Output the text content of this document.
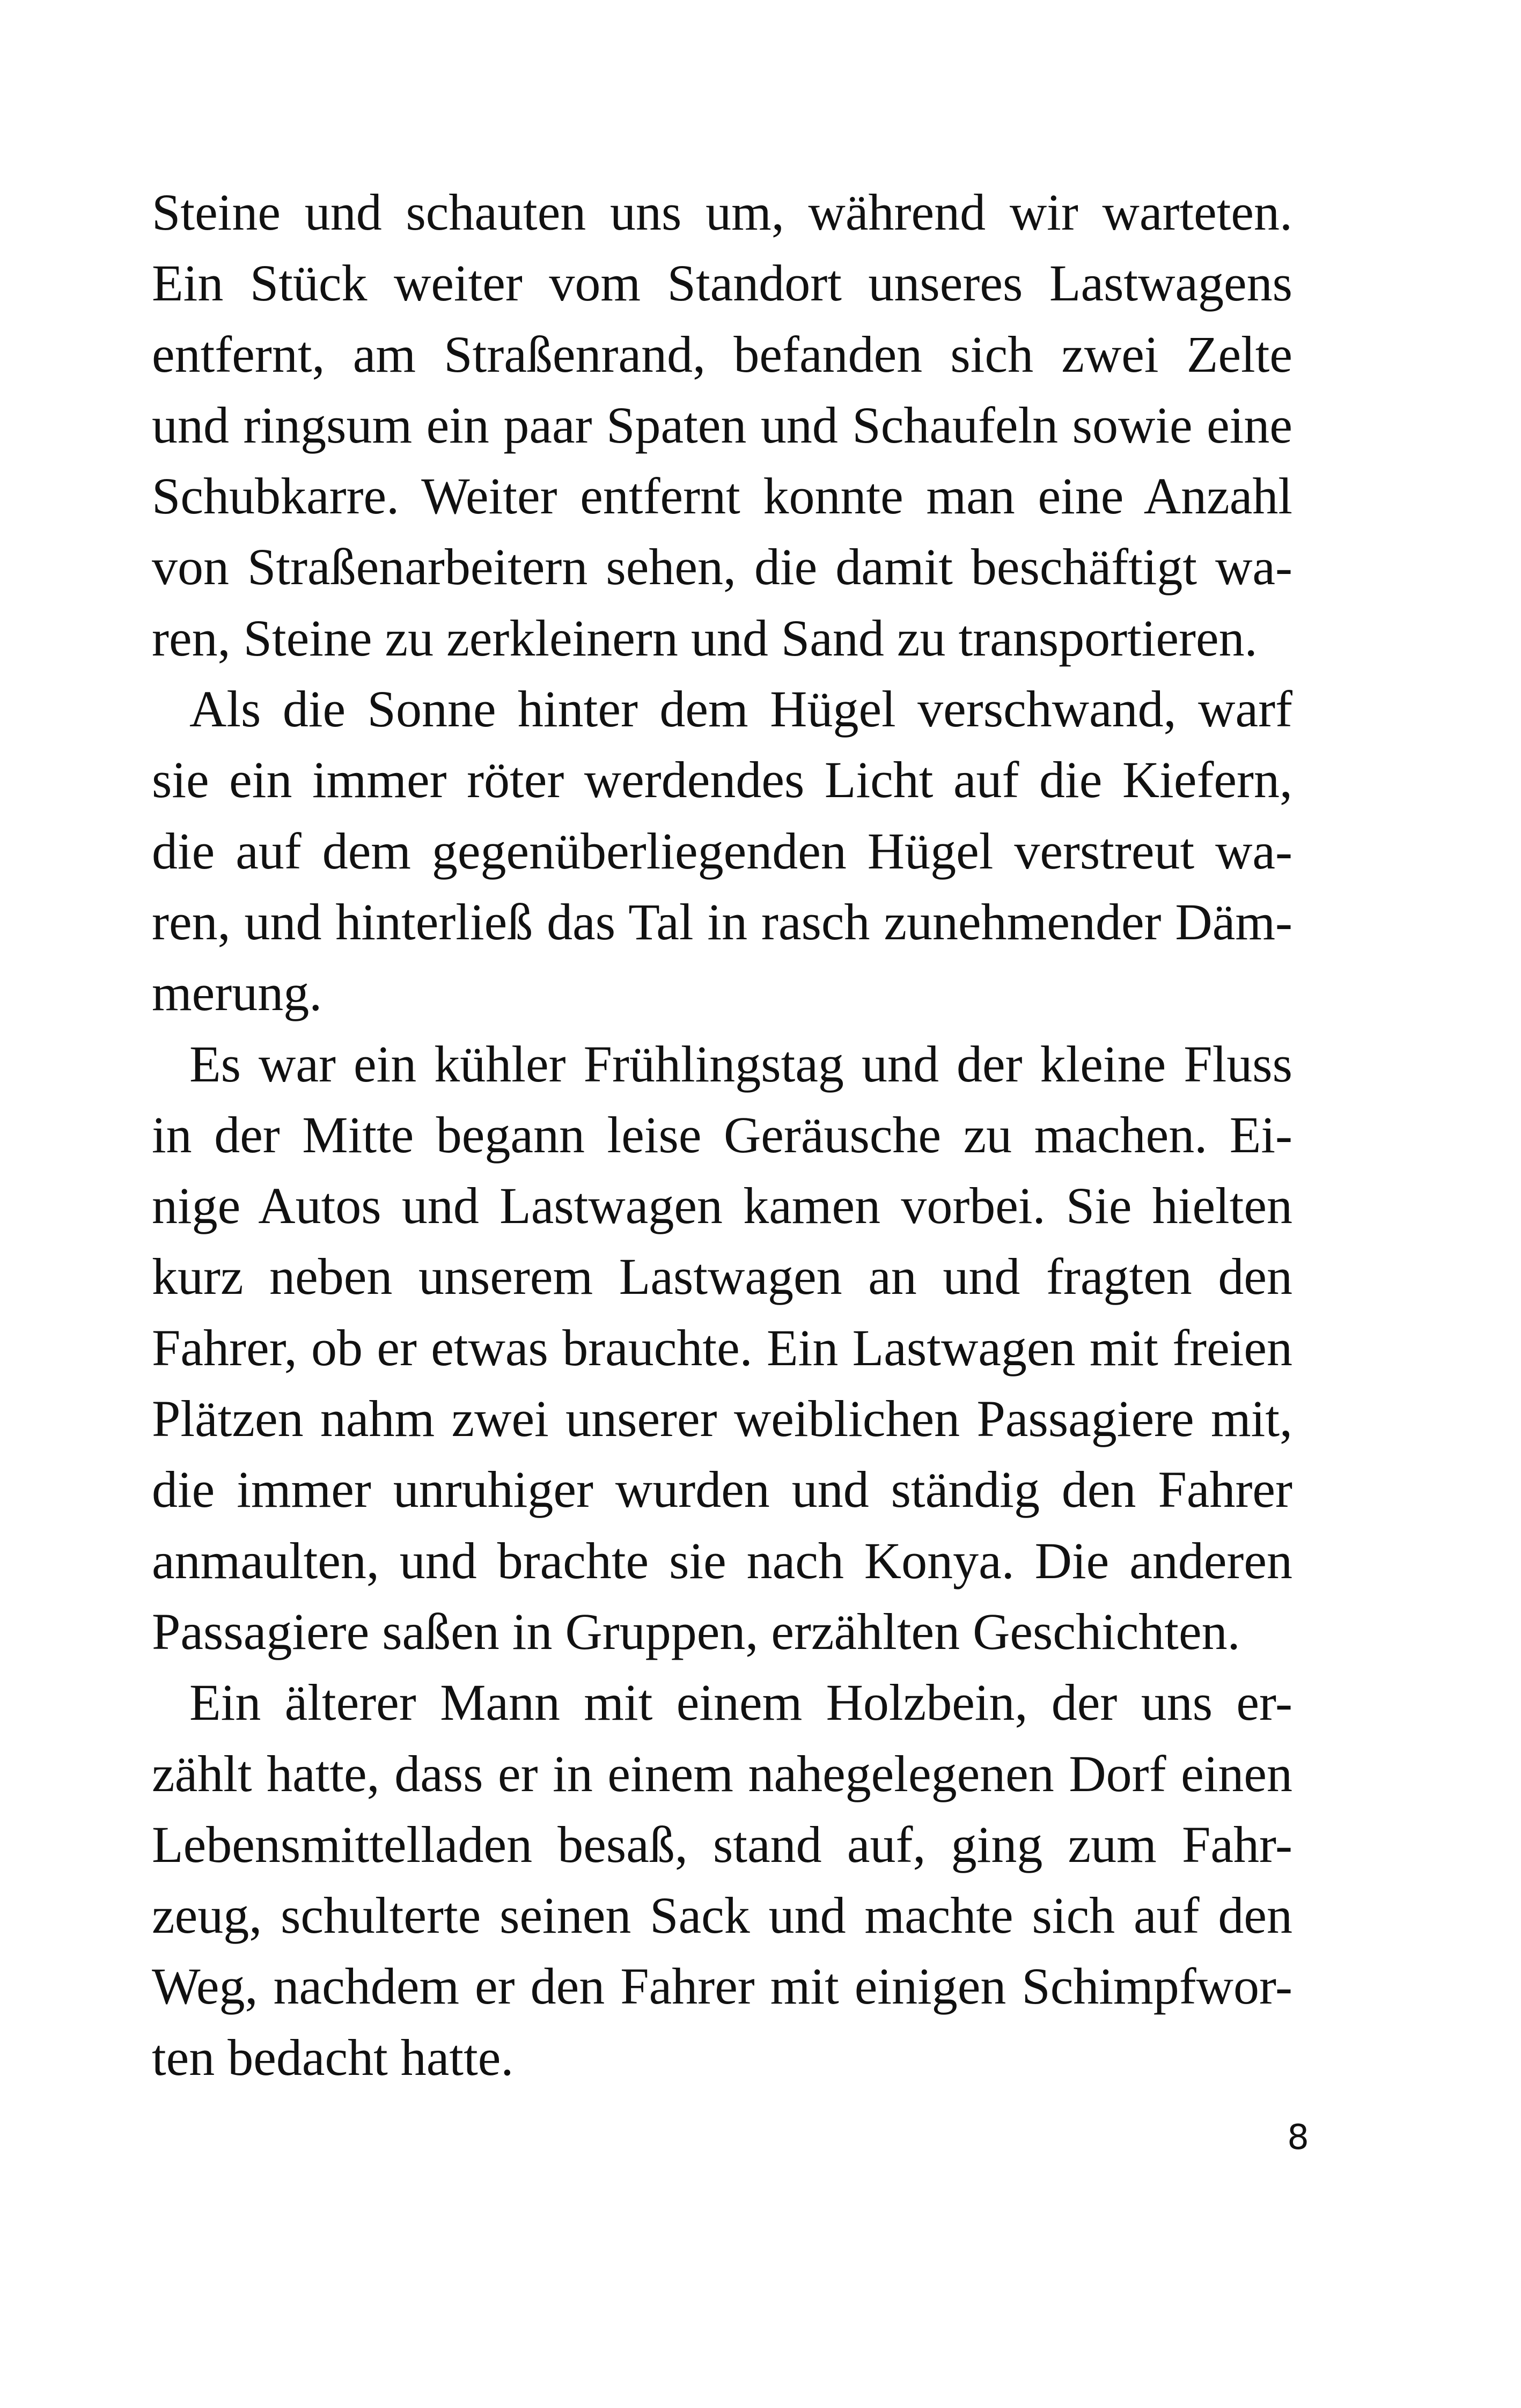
Steine und schauten uns um, während wir warteten.
Ein Stück weiter vom Standort unseres Lastwagens
entfernt, am Straßenrand, befanden sich zwei Zelte
und ringsum ein paar Spaten und Schaufeln sowie eine
Schubkarre. Weiter entfernt konnte man eine Anzahl
von Straßenarbeitern sehen, die damit beschäftigt wa-
ren, Steine zu zerkleinern und Sand zu transportieren.
Als die Sonne hinter dem Hügel verschwand, warf
sie ein immer röter werdendes Licht auf die Kiefern,
die auf dem gegenüberliegenden Hügel verstreut wa-
ren, und hinterließ das Tal in rasch zunehmender Däm-
merung.
Es war ein kühler Frühlingstag und der kleine Fluss
in der Mitte begann leise Geräusche zu machen. Ei-
nige Autos und Lastwagen kamen vorbei. Sie hielten
kurz neben unserem Lastwagen an und fragten den
Fahrer, ob er etwas brauchte. Ein Lastwagen mit freien
Plätzen nahm zwei unserer weiblichen Passagiere mit,
die immer unruhiger wurden und ständig den Fahrer
anmaulten, und brachte sie nach Konya. Die anderen
Passagiere saßen in Gruppen, erzählten Geschichten.
Ein älterer Mann mit einem Holzbein, der uns er-
zählt hatte, dass er in einem nahegelegenen Dorf einen
Lebensmittelladen besaß, stand auf, ging zum Fahr-
zeug, schulterte seinen Sack und machte sich auf den
Weg, nachdem er den Fahrer mit einigen Schimpfwor-
ten bedacht hatte.
8
